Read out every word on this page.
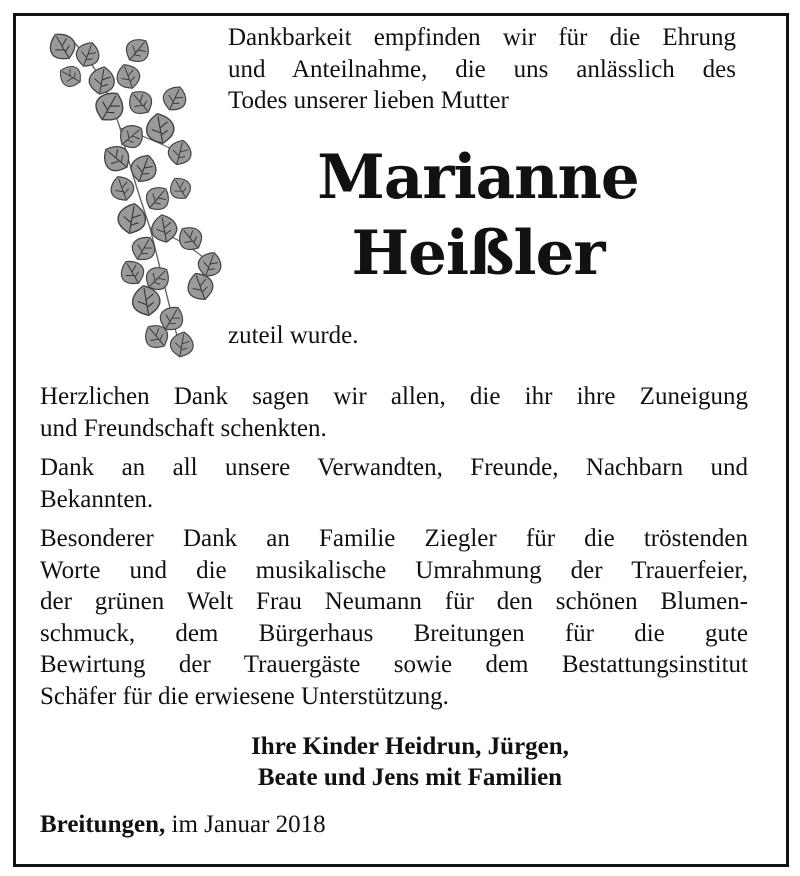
Dankbarkeit empfinden wir für die Ehrung
und Anteilnahme, die uns anlässlich des
Todes unserer lieben Mutter
Marianne
Heißler
zuteil wurde.
Herzlichen Dank sagen wir allen, die ihr ihre Zuneigung
und Freundschaft schenkten.
Dank an all unsere Verwandten, Freunde, Nachbarn und
Bekannten.
Besonderer Dank an Familie Ziegler für die tröstenden
Worte und die musikalische Umrahmung der Trauerfeier,
der grünen Welt Frau Neumann für den schönen Blumen-
schmuck, dem Bürgerhaus Breitungen für die gute
Bewirtung der Trauergäste sowie dem Bestattungsinstitut
Schäfer für die erwiesene Unterstützung.
Ihre Kinder Heidrun, Jürgen,
Beate und Jens mit Familien
Breitungen, im Januar 2018
